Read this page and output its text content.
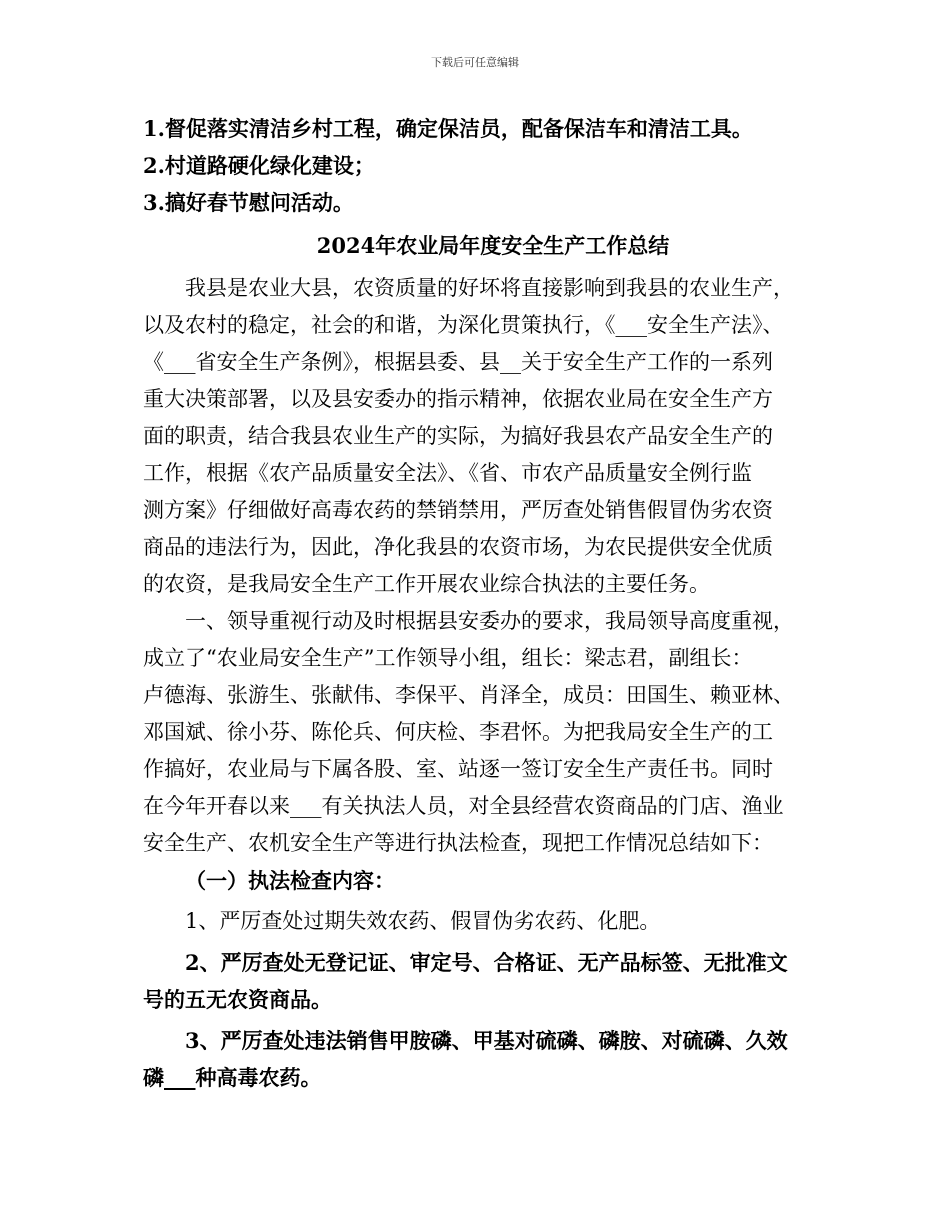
下载后可任意编辑
1.督促落实清洁乡村工程，确定保洁员，配备保洁车和清洁工具。
2.村道路硬化绿化建设；
3.搞好春节慰问活动。
2024年农业局年度安全生产工作总结
我县是农业大县，农资质量的好坏将直接影响到我县的农业生产，
以及农村的稳定，社会的和谐，为深化贯策执行，《___安全生产法》、
《___省安全生产条例》，根据县委、县__关于安全生产工作的一系列
重大决策部署，以及县安委办的指示精神，依据农业局在安全生产方
面的职责，结合我县农业生产的实际，为搞好我县农产品安全生产的
工作，根据《农产品质量安全法》、《省、市农产品质量安全例行监
测方案》仔细做好高毒农药的禁销禁用，严厉查处销售假冒伪劣农资
商品的违法行为，因此，净化我县的农资市场，为农民提供安全优质
的农资，是我局安全生产工作开展农业综合执法的主要任务。
一、领导重视行动及时根据县安委办的要求，我局领导高度重视，
成立了“农业局安全生产”工作领导小组，组长：梁志君，副组长：
卢德海、张游生、张献伟、李保平、肖泽全，成员：田国生、赖亚林、
邓国斌、徐小芬、陈伦兵、何庆检、李君怀。为把我局安全生产的工
作搞好，农业局与下属各股、室、站逐一签订安全生产责任书。同时
在今年开春以来___有关执法人员，对全县经营农资商品的门店、渔业
安全生产、农机安全生产等进行执法检查，现把工作情况总结如下：
（一）执法检查内容：
1、严厉查处过期失效农药、假冒伪劣农药、化肥。
2、严厉查处无登记证、审定号、合格证、无产品标签、无批准文
号的五无农资商品。
3、严厉查处违法销售甲胺磷、甲基对硫磷、磷胺、对硫磷、久效
磷___种高毒农药。
